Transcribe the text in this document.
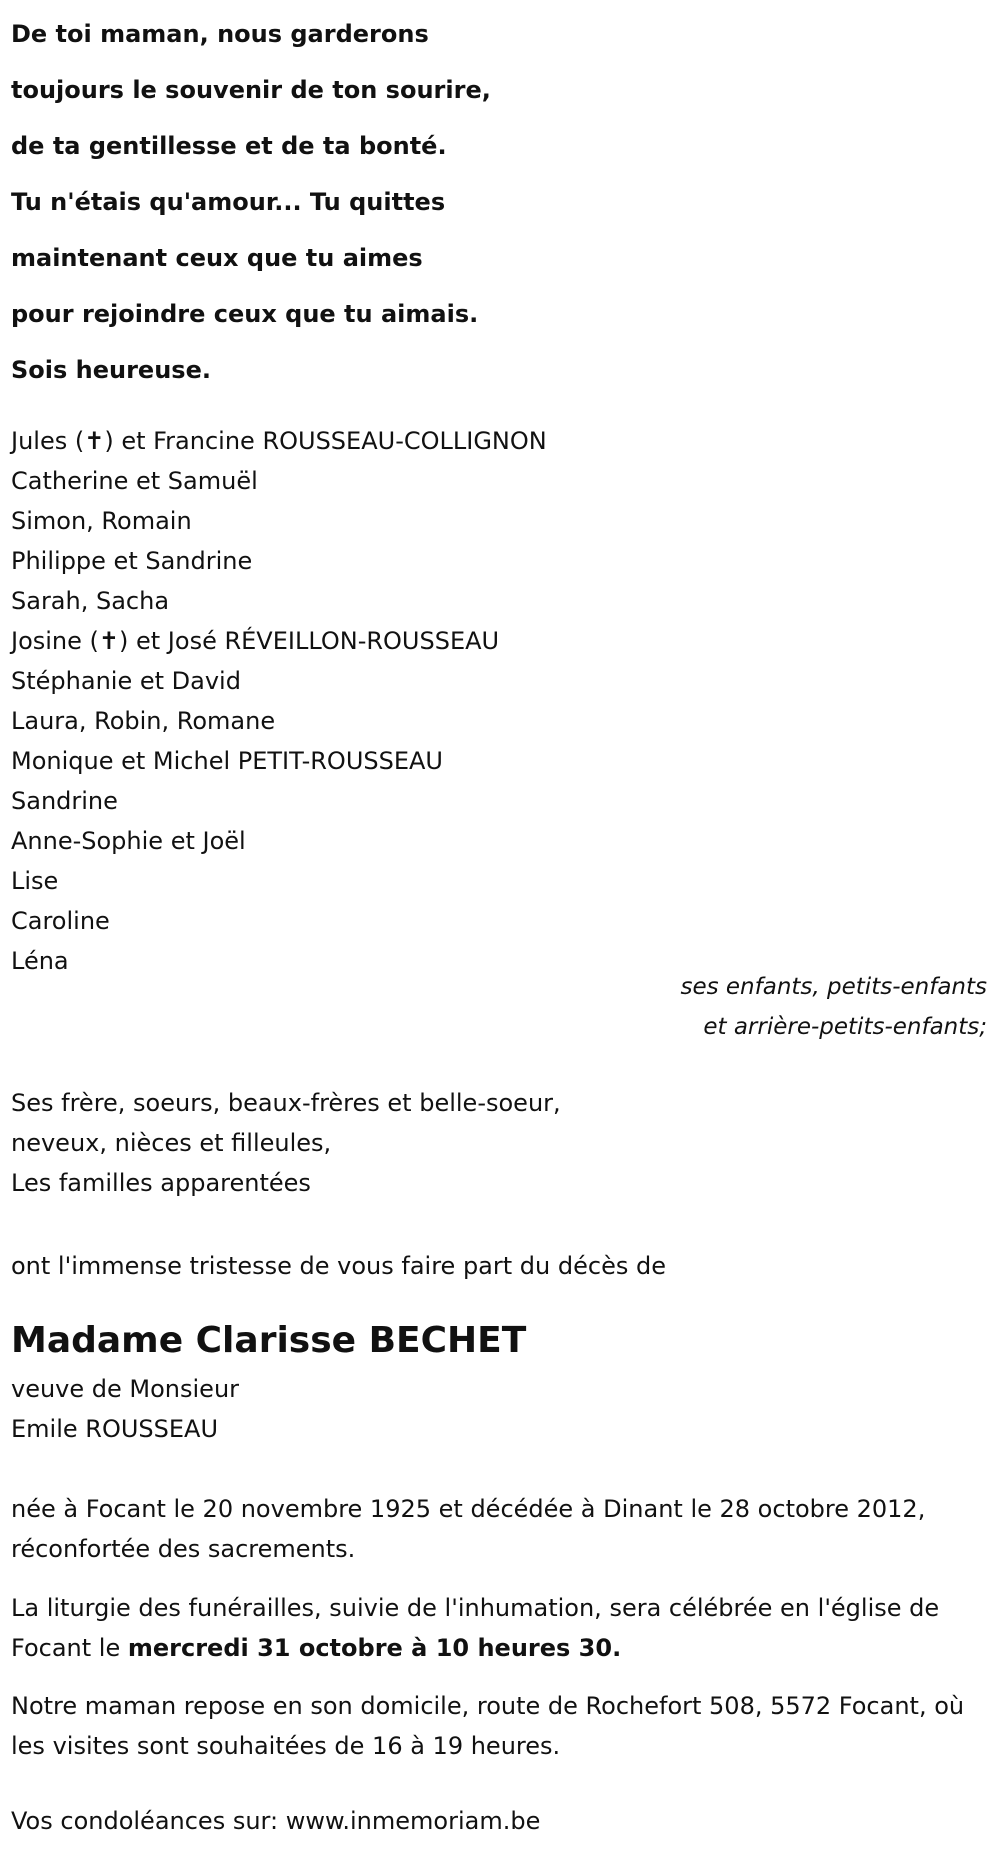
De toi maman, nous garderons
toujours le souvenir de ton sourire,
de ta gentillesse et de ta bonté.
Tu n'étais qu'amour... Tu quittes
maintenant ceux que tu aimes
pour rejoindre ceux que tu aimais.
Sois heureuse.
Jules (✝) et Francine ROUSSEAU-COLLIGNON
Catherine et Samuël
Simon, Romain
Philippe et Sandrine
Sarah, Sacha
Josine (✝) et José RÉVEILLON-ROUSSEAU
Stéphanie et David
Laura, Robin, Romane
Monique et Michel PETIT-ROUSSEAU
Sandrine
Anne-Sophie et Joël
Lise
Caroline
Léna
ses enfants, petits-enfants et arrière-petits-enfants;
Ses frère, soeurs, beaux-frères et belle-soeur,
neveux, nièces et filleules,
Les familles apparentées
ont l'immense tristesse de vous faire part du décès de
Madame Clarisse BECHET
veuve de Monsieur
Emile ROUSSEAU
née à Focant le 20 novembre 1925 et décédée à Dinant le 28 octobre 2012, réconfortée des sacrements.
La liturgie des funérailles, suivie de l'inhumation, sera célébrée en l'église de Focant le mercredi 31 octobre à 10 heures 30.
Notre maman repose en son domicile, route de Rochefort 508, 5572 Focant, où les visites sont souhaitées de 16 à 19 heures.
Vos condoléances sur: www.inmemoriam.be
